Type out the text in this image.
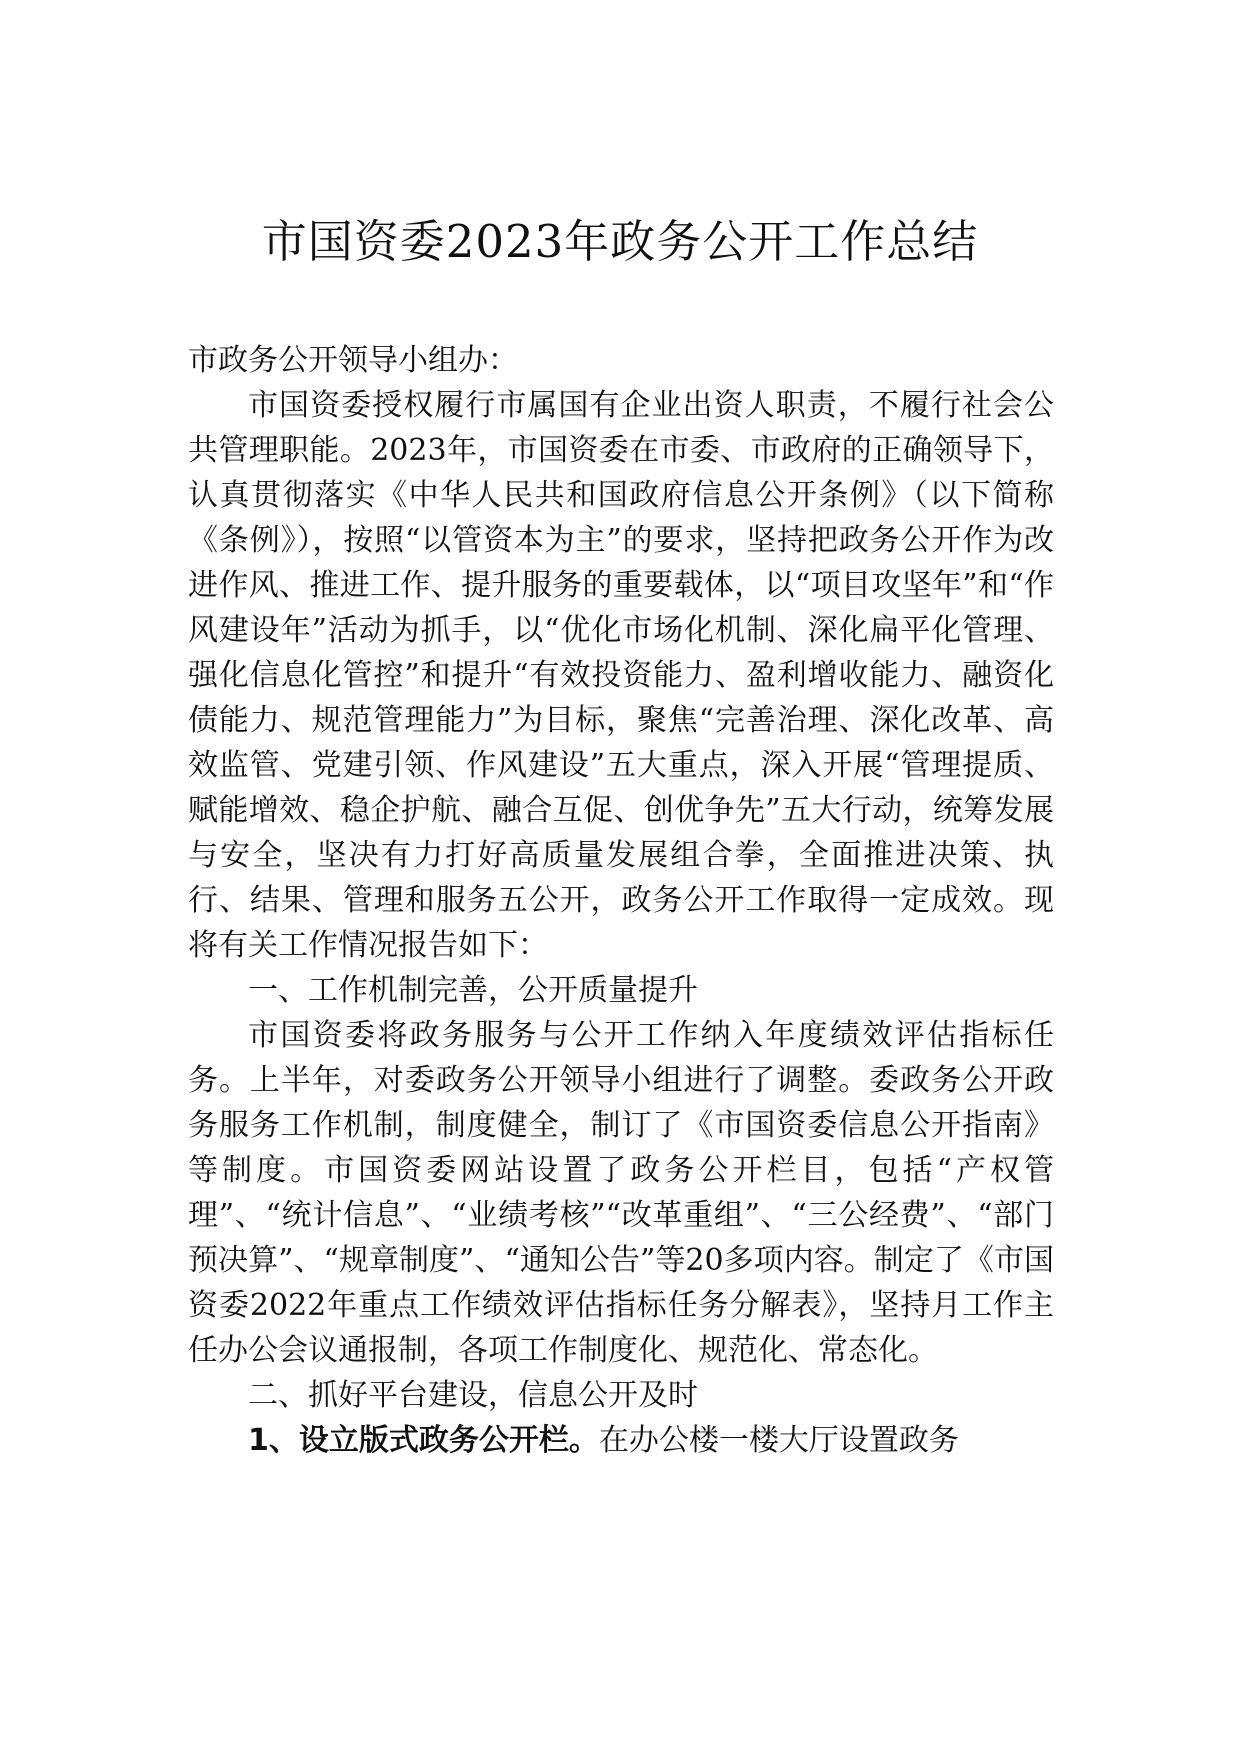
市国资委2023年政务公开工作总结

市政务公开领导小组办：

市国资委授权履行市属国有企业出资人职责，不履行社会公共管理职能。2023年，市国资委在市委、市政府的正确领导下，认真贯彻落实《中华人民共和国政府信息公开条例》（以下简称《条例》），按照“以管资本为主”的要求，坚持把政务公开作为改进作风、推进工作、提升服务的重要载体，以“项目攻坚年”和“作风建设年”活动为抓手，以“优化市场化机制、深化扁平化管理、强化信息化管控”和提升“有效投资能力、盈利增收能力、融资化债能力、规范管理能力”为目标，聚焦“完善治理、深化改革、高效监管、党建引领、作风建设”五大重点，深入开展“管理提质、赋能增效、稳企护航、融合互促、创优争先”五大行动，统筹发展与安全，坚决有力打好高质量发展组合拳，全面推进决策、执行、结果、管理和服务五公开，政务公开工作取得一定成效。现将有关工作情况报告如下：

一、工作机制完善，公开质量提升

市国资委将政务服务与公开工作纳入年度绩效评估指标任务。上半年，对委政务公开领导小组进行了调整。委政务公开政务服务工作机制，制度健全，制订了《市国资委信息公开指南》等制度。市国资委网站设置了政务公开栏目，包括“产权管理”、“统计信息”、“业绩考核”“改革重组”、“三公经费”、“部门预决算”、“规章制度”、“通知公告”等20多项内容。制定了《市国资委2022年重点工作绩效评估指标任务分解表》，坚持月工作主任办公会议通报制，各项工作制度化、规范化、常态化。

二、抓好平台建设，信息公开及时

1、设立版式政务公开栏。在办公楼一楼大厅设置政务
